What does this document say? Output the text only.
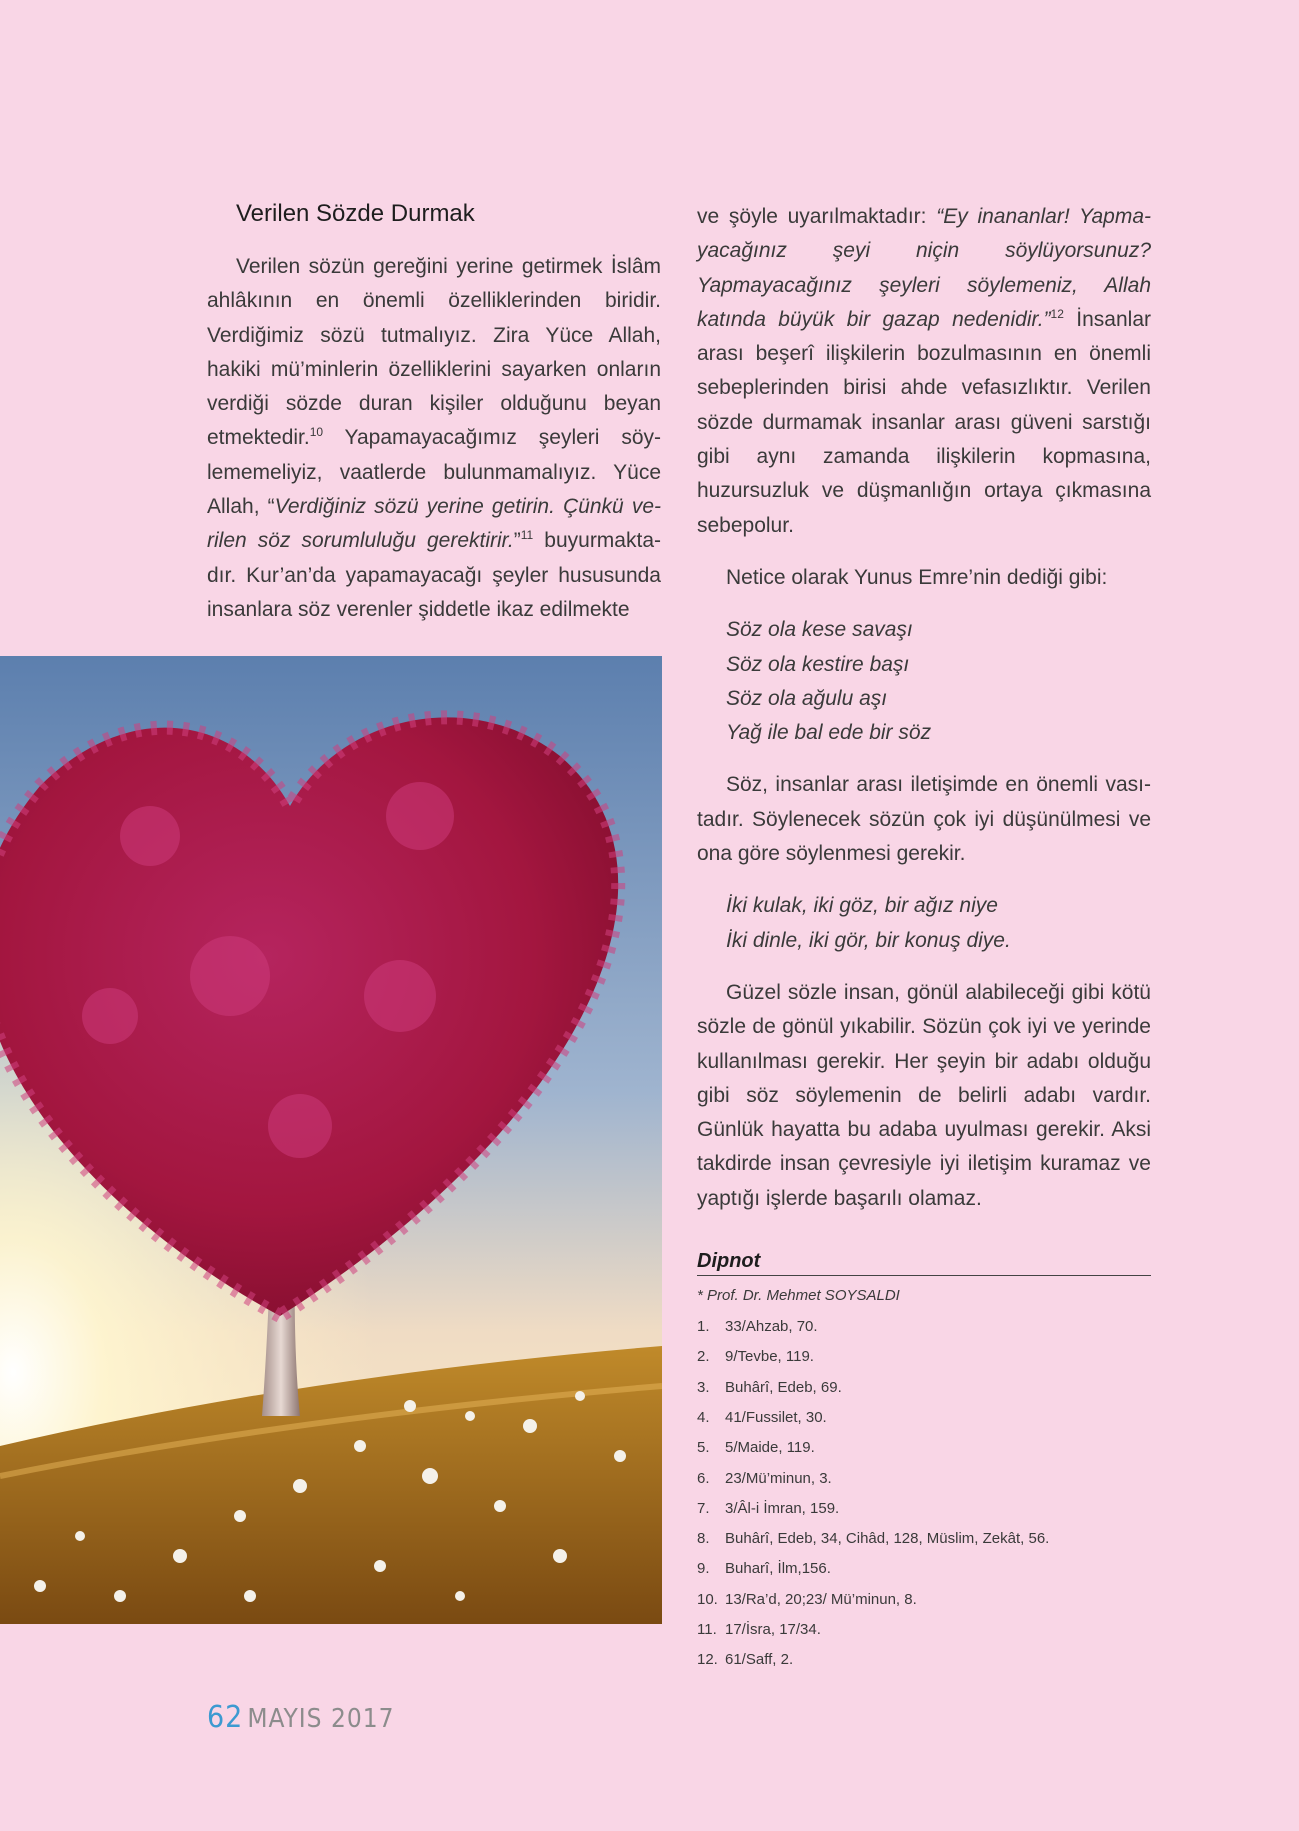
Verilen Sözde Durmak

Verilen sözün gereğini yerine getirmek İslâm ahlâkının en önemli özelliklerinden biridir. Verdiğimiz sözü tutmalıyız. Zira Yüce Allah, hakiki mü’minlerin özelliklerini sayarken onların verdiği sözde duran kişiler olduğunu beyan etmektedir.$^{10}$ Yapamayacağımız şeyleri söylememeliyiz, vaatlerde bulunmamalıyız. Yüce Allah, “Verdiğiniz sözü yerine getirin. Çünkü verilen söz sorumluluğu gerektirir.”$^{11}$ buyurmaktadır. Kur’an’da yapamayacağı şeyler hususunda insanlara söz verenler şiddetle ikaz edilmekte

ve şöyle uyarılmaktadır: “Ey inananlar! Yapmayacağınız şeyi niçin söylüyorsunuz? Yapmayacağınız şeyleri söylemeniz, Allah katında büyük bir gazap nedenidir.”$^{12}$ İnsanlar arası beşerî ilişkilerin bozulmasının en önemli sebeplerinden birisi ahde vefasızlıktır. Verilen sözde durmamak insanlar arası güveni sarstığı gibi aynı zamanda ilişkilerin kopmasına, huzursuzluk ve düşmanlığın ortaya çıkmasına sebepolur.

Netice olarak Yunus Emre’nin dediği gibi:

Söz ola kese savaşı
Söz ola kestire başı
Söz ola ağulu aşı
Yağ ile bal ede bir söz

Söz, insanlar arası iletişimde en önemli vasıtadır. Söylenecek sözün çok iyi düşünülmesi ve ona göre söylenmesi gerekir.

İki kulak, iki göz, bir ağız niye
İki dinle, iki gör, bir konuş diye.

Güzel sözle insan, gönül alabileceği gibi kötü sözle de gönül yıkabilir. Sözün çok iyi ve yerinde kullanılması gerekir. Her şeyin bir adabı olduğu gibi söz söylemenin de belirli adabı vardır. Günlük hayatta bu adaba uyulması gerekir. Aksi takdirde insan çevresiyle iyi iletişim kuramaz ve yaptığı işlerde başarılı olamaz.

Dipnot
* Prof. Dr. Mehmet SOYSALDI
1. 33/Ahzab, 70.
2. 9/Tevbe, 119.
3. Buhârî, Edeb, 69.
4. 41/Fussilet, 30.
5. 5/Maide, 119.
6. 23/Mü’minun, 3.
7. 3/Âl-i İmran, 159.
8. Buhârî, Edeb, 34, Cihâd, 128, Müslim, Zekât, 56.
9. Buharî, İlm,156.
10. 13/Ra’d, 20;23/ Mü’minun, 8.
11. 17/İsra, 17/34.
12. 61/Saff, 2.
62 MAYIS 2017
